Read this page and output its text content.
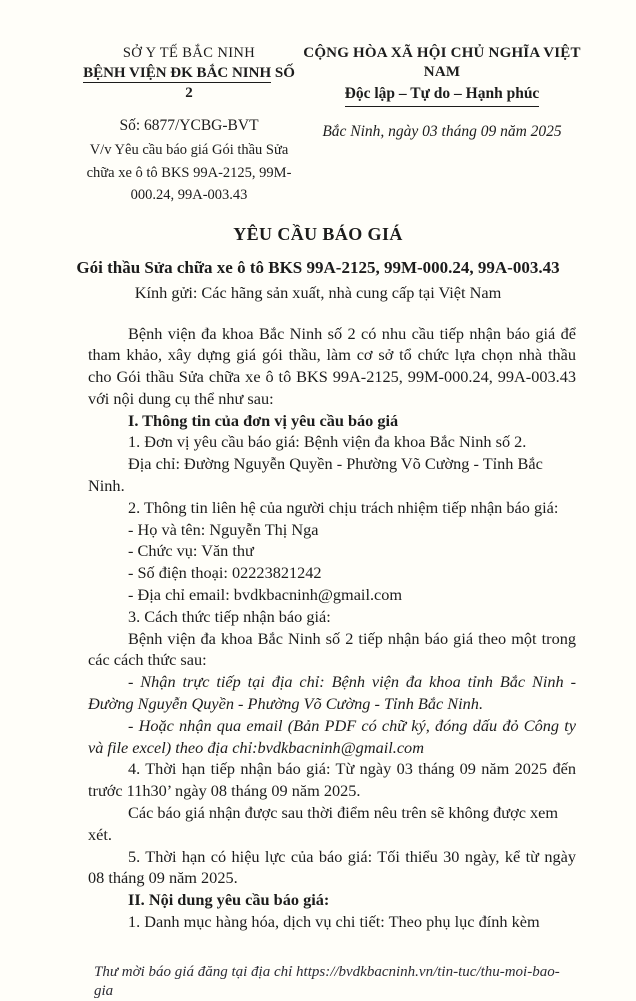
SỞ Y TẾ BẮC NINH
BỆNH VIỆN ĐK BẮC NINH SỐ 2
Số: 6877/YCBG-BVT
V/v Yêu cầu báo giá Gói thầu Sửa chữa xe ô tô BKS 99A-2125, 99M-000.24, 99A-003.43
CỘNG HÒA XÃ HỘI CHỦ NGHĨA VIỆT NAM
Độc lập – Tự do – Hạnh phúc
Bắc Ninh, ngày 03 tháng 09 năm 2025
YÊU CẦU BÁO GIÁ
Gói thầu Sửa chữa xe ô tô BKS 99A-2125, 99M-000.24, 99A-003.43
Kính gửi: Các hãng sản xuất, nhà cung cấp tại Việt Nam

Bệnh viện đa khoa Bắc Ninh số 2 có nhu cầu tiếp nhận báo giá để tham khảo, xây dựng giá gói thầu, làm cơ sở tổ chức lựa chọn nhà thầu cho Gói thầu Sửa chữa xe ô tô BKS 99A-2125, 99M-000.24, 99A-003.43 với nội dung cụ thể như sau:

I. Thông tin của đơn vị yêu cầu báo giá

1. Đơn vị yêu cầu báo giá: Bệnh viện đa khoa Bắc Ninh số 2.

Địa chỉ: Đường Nguyễn Quyền - Phường Võ Cường - Tỉnh Bắc Ninh.

2. Thông tin liên hệ của người chịu trách nhiệm tiếp nhận báo giá:

- Họ và tên: Nguyễn Thị Nga

- Chức vụ: Văn thư

- Số điện thoại: 02223821242

- Địa chỉ email: bvdkbacninh@gmail.com

3. Cách thức tiếp nhận báo giá:

Bệnh viện đa khoa Bắc Ninh số 2 tiếp nhận báo giá theo một trong các cách thức sau:

- Nhận trực tiếp tại địa chỉ: Bệnh viện đa khoa tỉnh Bắc Ninh - Đường Nguyễn Quyền - Phường Võ Cường - Tỉnh Bắc Ninh.

- Hoặc nhận qua email (Bản PDF có chữ ký, đóng dấu đỏ Công ty và file excel) theo địa chỉ:bvdkbacninh@gmail.com

4. Thời hạn tiếp nhận báo giá: Từ ngày 03 tháng 09 năm 2025 đến trước 11h30’ ngày 08 tháng 09 năm 2025.

Các báo giá nhận được sau thời điểm nêu trên sẽ không được xem xét.

5. Thời hạn có hiệu lực của báo giá: Tối thiểu 30 ngày, kể từ ngày 08 tháng 09 năm 2025.

II. Nội dung yêu cầu báo giá:

1. Danh mục hàng hóa, dịch vụ chi tiết: Theo phụ lục đính kèm

Thư mời báo giá đăng tại địa chỉ https://bvdkbacninh.vn/tin-tuc/thu-moi-bao-gia
